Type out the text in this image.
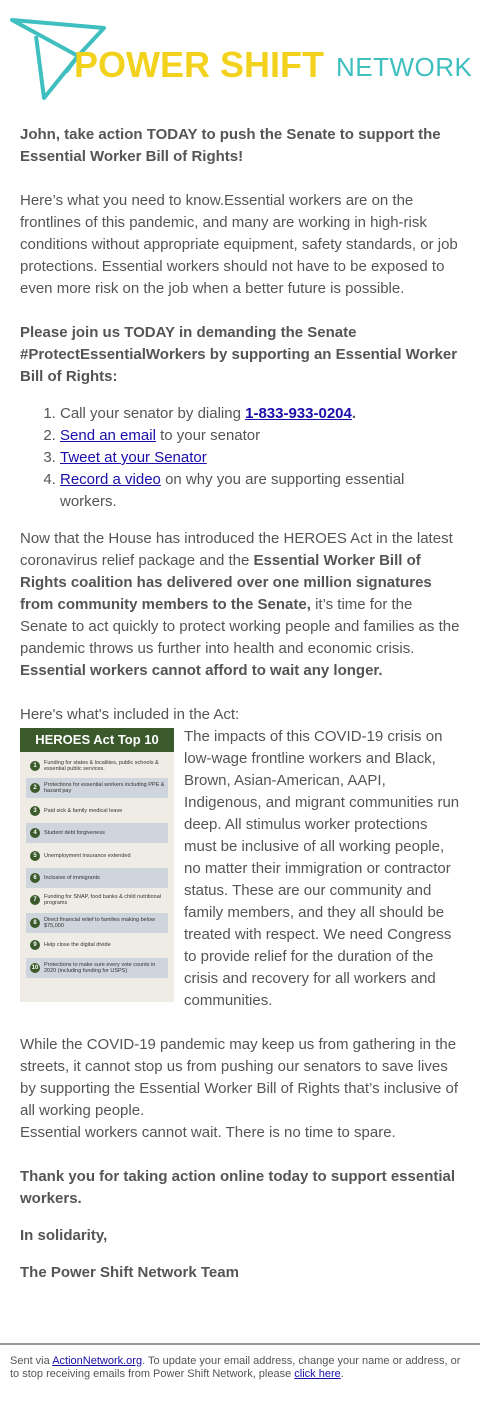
POWER SHIFT NETWORK

John, take action TODAY to push the Senate to support the Essential Worker Bill of Rights!

Here’s what you need to know.Essential workers are on the frontlines of this pandemic, and many are working in high-risk conditions without appropriate equipment, safety standards, or job protections. Essential workers should not have to be exposed to even more risk on the job when a better future is possible.

Please join us TODAY in demanding the Senate #ProtectEssentialWorkers by supporting an Essential Worker Bill of Rights:

1. Call your senator by dialing 1-833-933-0204.
2. Send an email to your senator
3. Tweet at your Senator
4. Record a video on why you are supporting essential workers.

Now that the House has introduced the HEROES Act in the latest coronavirus relief package and the Essential Worker Bill of Rights coalition has delivered over one million signatures from community members to the Senate, it’s time for the Senate to act quickly to protect working people and families as the pandemic throws us further into health and economic crisis. Essential workers cannot afford to wait any longer.

Here's what's included in the Act:

HEROES Act Top 10
1	Funding for states & localities, public schools & essential public services.
2	Protections for essential workers including PPE & hazard pay
3	Paid sick & family medical leave
4	Student debt forgiveness
5	Unemployment insurance extended
6	Inclusive of immigrants
7	Funding for SNAP, food banks & child nutritional programs
8	Direct financial relief to families making below $75,000
9	Help close the digital divide
10	Protections to make sure every vote counts in 2020 (including funding for USPS)
The impacts of this COVID-19 crisis on low-wage frontline workers and Black, Brown, Asian-American, AAPI, Indigenous, and migrant communities run deep. All stimulus worker protections must be inclusive of all working people, no matter their immigration or contractor status. These are our community and family members, and they all should be treated with respect. We need Congress to provide relief for the duration of the crisis and recovery for all workers and communities.

While the COVID-19 pandemic may keep us from gathering in the streets, it cannot stop us from pushing our senators to save lives by supporting the Essential Worker Bill of Rights that’s inclusive of all working people.

Essential workers cannot wait. There is no time to spare.

Thank you for taking action online today to support essential workers.

In solidarity,

The Power Shift Network Team

Sent via ActionNetwork.org. To update your email address, change your name or address, or to stop receiving emails from Power Shift Network, please click here.
